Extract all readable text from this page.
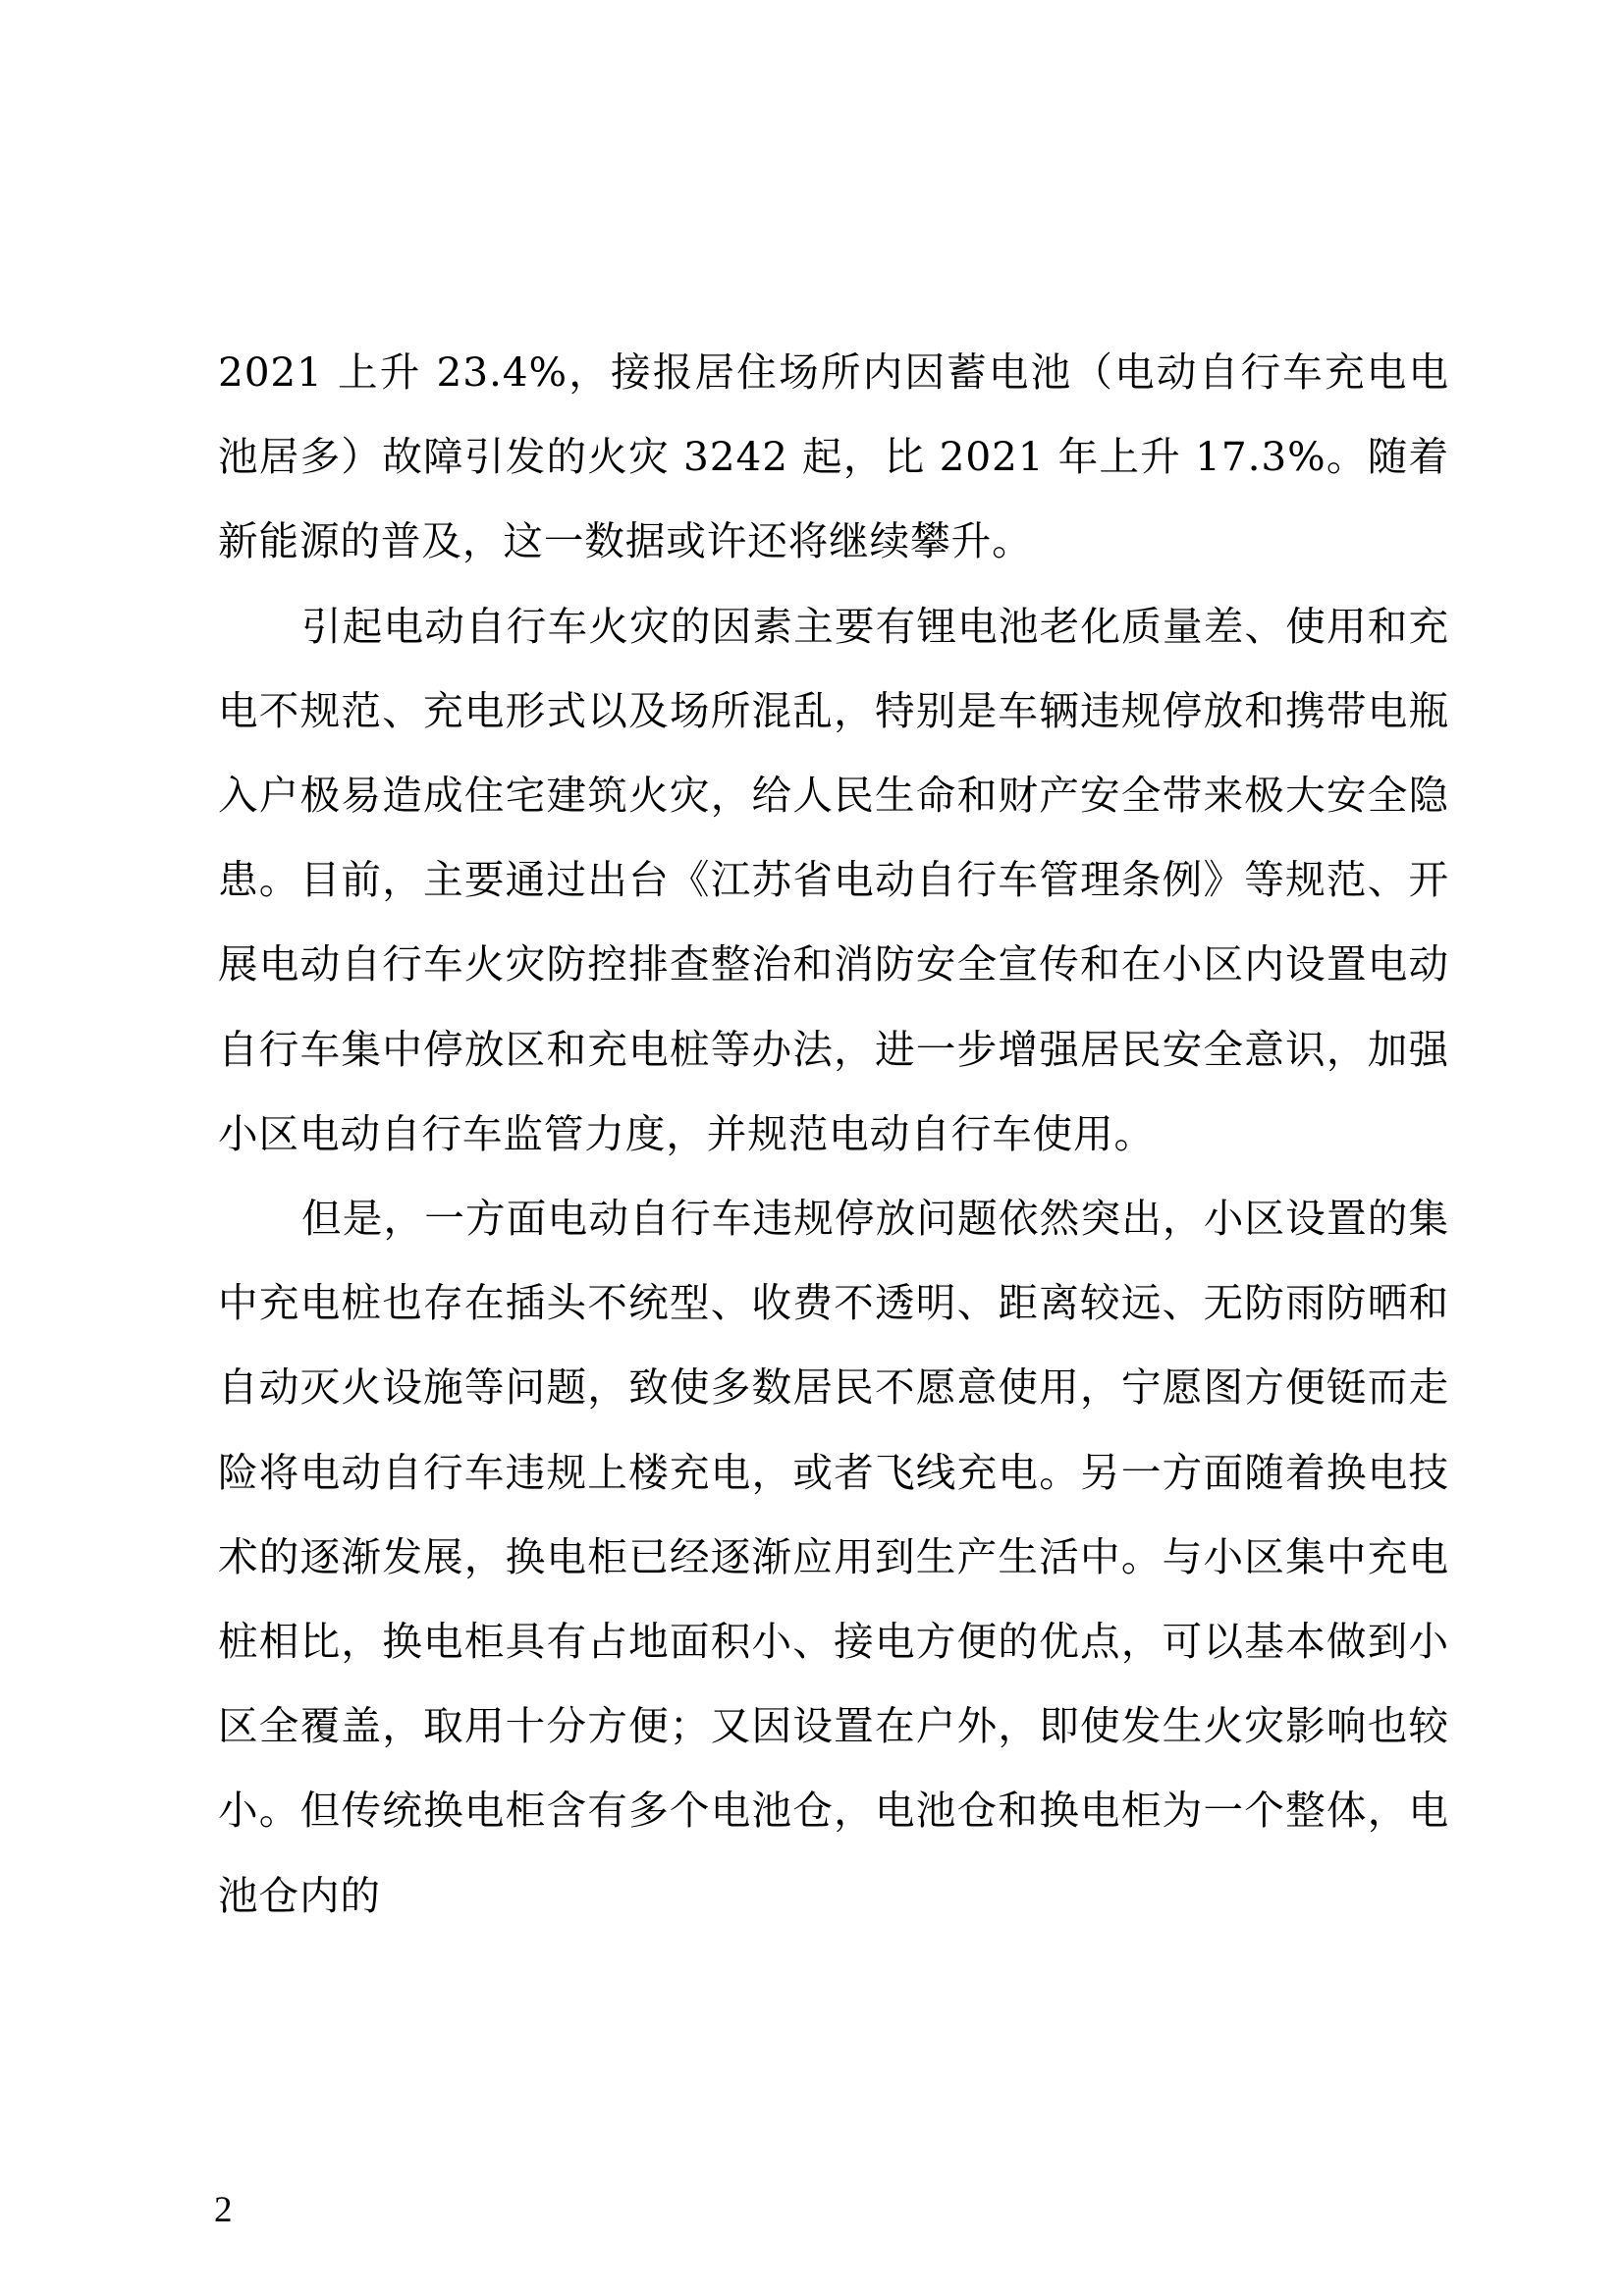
2021 上升 23.4%，接报居住场所内因蓄电池（电动自行车充电电池居多）故障引发的火灾 3242 起，比 2021 年上升 17.3%。随着新能源的普及，这一数据或许还将继续攀升。

引起电动自行车火灾的因素主要有锂电池老化质量差、使用和充电不规范、充电形式以及场所混乱，特别是车辆违规停放和携带电瓶入户极易造成住宅建筑火灾，给人民生命和财产安全带来极大安全隐患。目前，主要通过出台《江苏省电动自行车管理条例》等规范、开展电动自行车火灾防控排查整治和消防安全宣传和在小区内设置电动自行车集中停放区和充电桩等办法，进一步增强居民安全意识，加强小区电动自行车监管力度，并规范电动自行车使用。

但是，一方面电动自行车违规停放问题依然突出，小区设置的集中充电桩也存在插头不统型、收费不透明、距离较远、无防雨防晒和自动灭火设施等问题，致使多数居民不愿意使用，宁愿图方便铤而走险将电动自行车违规上楼充电，或者飞线充电。另一方面随着换电技术的逐渐发展，换电柜已经逐渐应用到生产生活中。与小区集中充电桩相比，换电柜具有占地面积小、接电方便的优点，可以基本做到小区全覆盖，取用十分方便；又因设置在户外，即使发生火灾影响也较小。但传统换电柜含有多个电池仓，电池仓和换电柜为一个整体，电池仓内的

2
